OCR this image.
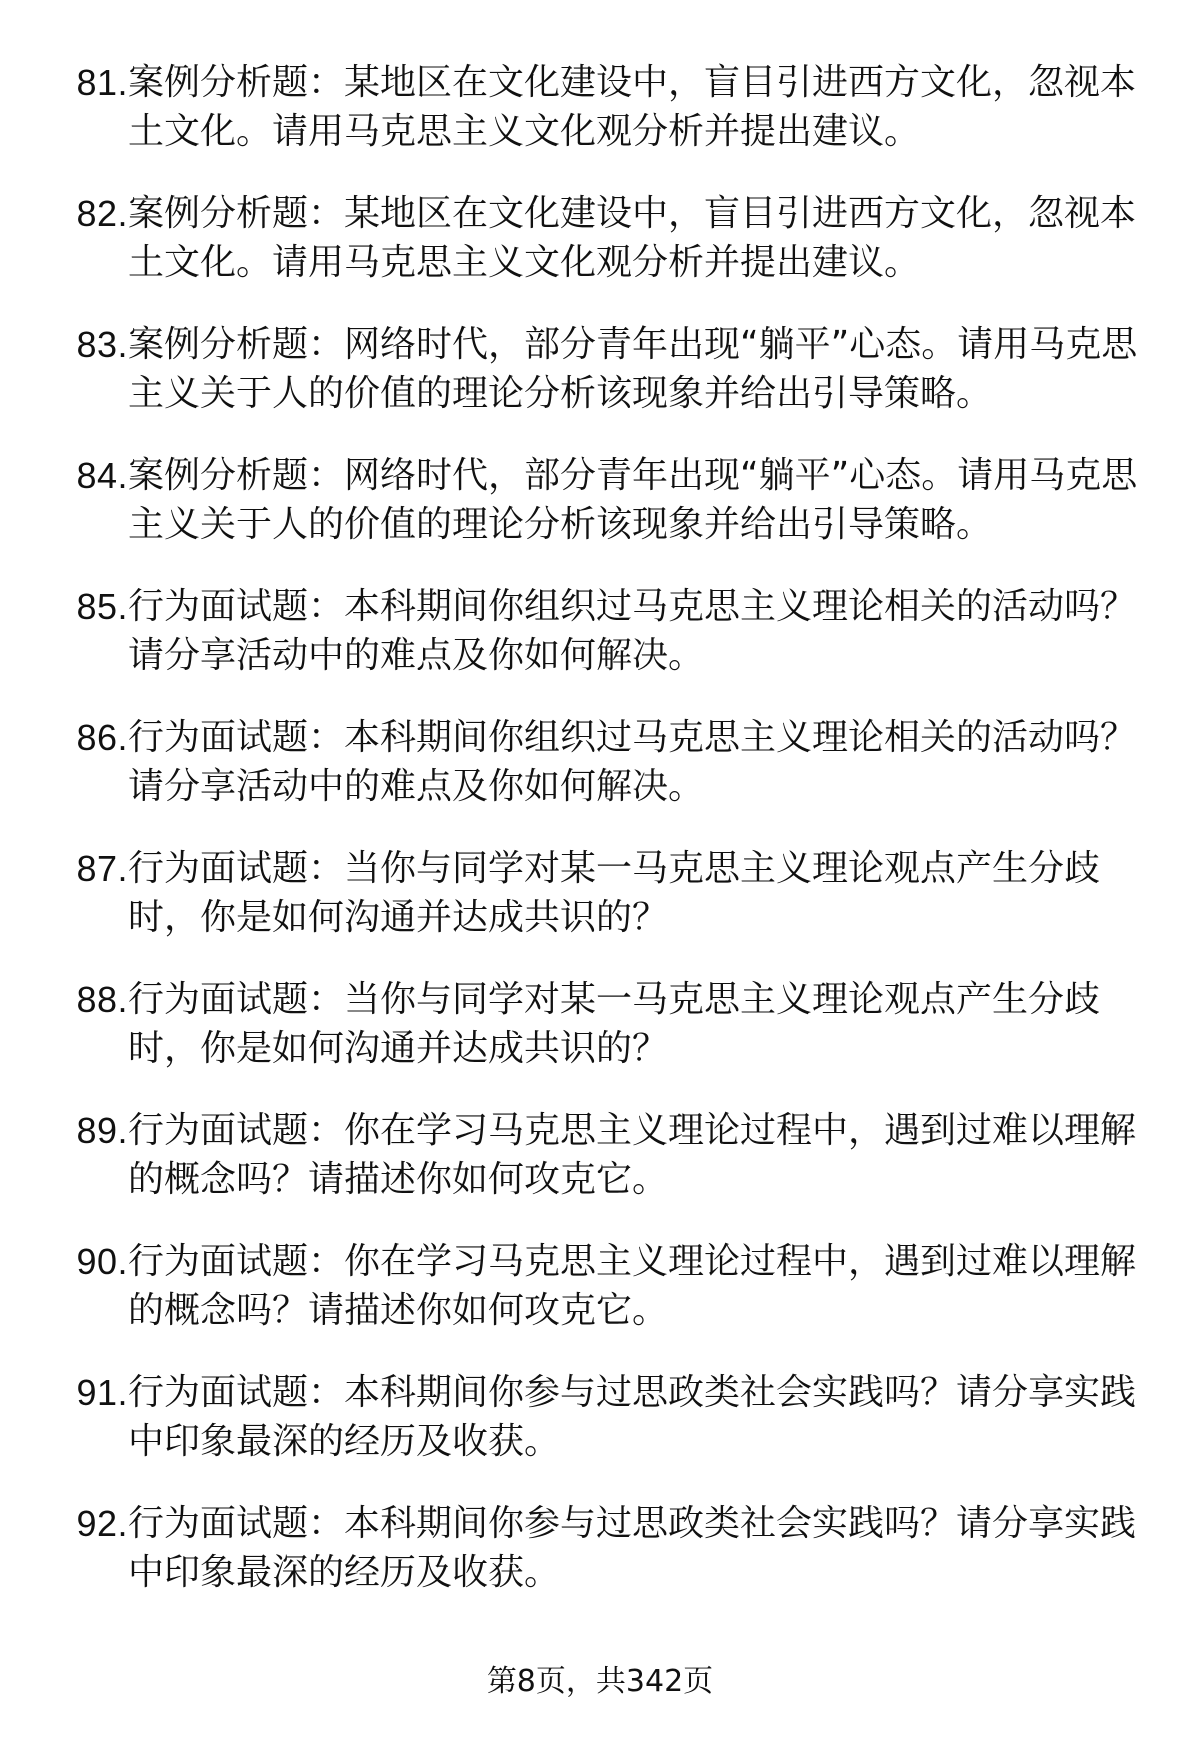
81. 案例分析题：某地区在文化建设中，盲目引进西方文化，忽视本土文化。请用马克思主义文化观分析并提出建议。
82. 案例分析题：某地区在文化建设中，盲目引进西方文化，忽视本土文化。请用马克思主义文化观分析并提出建议。
83. 案例分析题：网络时代，部分青年出现“躺平”心态。请用马克思主义关于人的价值的理论分析该现象并给出引导策略。
84. 案例分析题：网络时代，部分青年出现“躺平”心态。请用马克思主义关于人的价值的理论分析该现象并给出引导策略。
85. 行为面试题：本科期间你组织过马克思主义理论相关的活动吗？请分享活动中的难点及你如何解决。
86. 行为面试题：本科期间你组织过马克思主义理论相关的活动吗？请分享活动中的难点及你如何解决。
87. 行为面试题：当你与同学对某一马克思主义理论观点产生分歧时，你是如何沟通并达成共识的？
88. 行为面试题：当你与同学对某一马克思主义理论观点产生分歧时，你是如何沟通并达成共识的？
89. 行为面试题：你在学习马克思主义理论过程中，遇到过难以理解的概念吗？请描述你如何攻克它。
90. 行为面试题：你在学习马克思主义理论过程中，遇到过难以理解的概念吗？请描述你如何攻克它。
91. 行为面试题：本科期间你参与过思政类社会实践吗？请分享实践中印象最深的经历及收获。
92. 行为面试题：本科期间你参与过思政类社会实践吗？请分享实践中印象最深的经历及收获。
第8页，共342页
